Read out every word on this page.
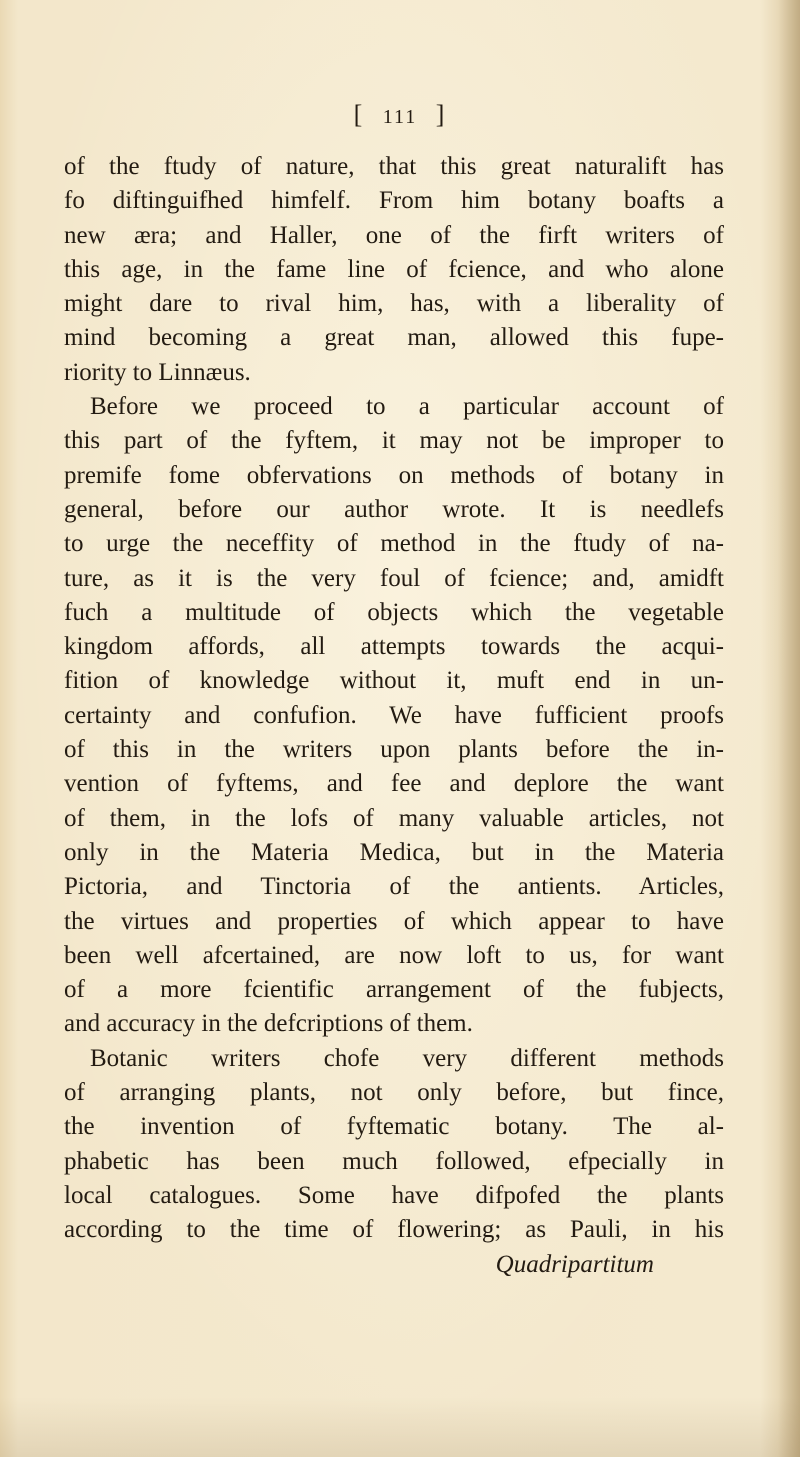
[ 111 ]
of the ftudy of nature, that this great naturalift has
fo diftinguifhed himfelf. From him botany boafts a
new æra; and Haller, one of the firft writers of
this age, in the fame line of fcience, and who alone
might dare to rival him, has, with a liberality of
mind becoming a great man, allowed this fupe-
riority to Linnæus.
Before we proceed to a particular account of
this part of the fyftem, it may not be improper to
premife fome obfervations on methods of botany in
general, before our author wrote. It is needlefs
to urge the neceffity of method in the ftudy of na-
ture, as it is the very foul of fcience; and, amidft
fuch a multitude of objects which the vegetable
kingdom affords, all attempts towards the acqui-
fition of knowledge without it, muft end in un-
certainty and confufion. We have fufficient proofs
of this in the writers upon plants before the in-
vention of fyftems, and fee and deplore the want
of them, in the lofs of many valuable articles, not
only in the Materia Medica, but in the Materia
Pictoria, and Tinctoria of the antients. Articles,
the virtues and properties of which appear to have
been well afcertained, are now loft to us, for want
of a more fcientific arrangement of the fubjects,
and accuracy in the defcriptions of them.
Botanic writers chofe very different methods
of arranging plants, not only before, but fince,
the invention of fyftematic botany. The al-
phabetic has been much followed, efpecially in
local catalogues. Some have difpofed the plants
according to the time of flowering; as Pauli, in his
Quadripartitum
